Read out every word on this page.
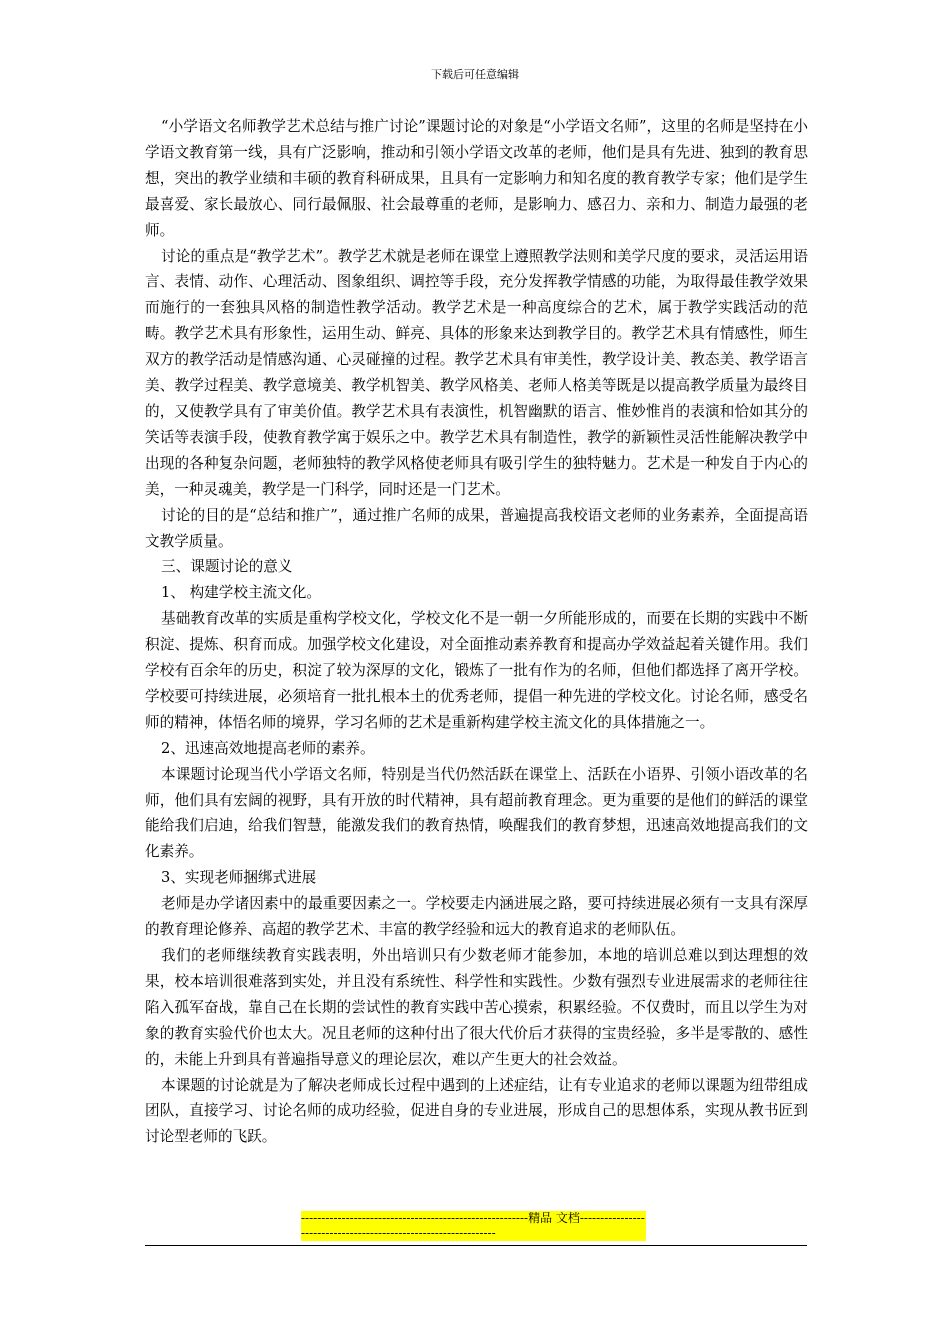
下载后可任意编辑

“小学语文名师教学艺术总结与推广讨论”课题讨论的对象是“小学语文名师”，这里的名师是坚持在小学语文教育第一线，具有广泛影响，推动和引领小学语文改革的老师，他们是具有先进、独到的教育思想，突出的教学业绩和丰硕的教育科研成果，且具有一定影响力和知名度的教育教学专家；他们是学生最喜爱、家长最放心、同行最佩服、社会最尊重的老师，是影响力、感召力、亲和力、制造力最强的老师。

讨论的重点是“教学艺术”。教学艺术就是老师在课堂上遵照教学法则和美学尺度的要求，灵活运用语言、表情、动作、心理活动、图象组织、调控等手段，充分发挥教学情感的功能，为取得最佳教学效果而施行的一套独具风格的制造性教学活动。教学艺术是一种高度综合的艺术，属于教学实践活动的范畴。教学艺术具有形象性，运用生动、鲜亮、具体的形象来达到教学目的。教学艺术具有情感性，师生双方的教学活动是情感沟通、心灵碰撞的过程。教学艺术具有审美性，教学设计美、教态美、教学语言美、教学过程美、教学意境美、教学机智美、教学风格美、老师人格美等既是以提高教学质量为最终目的，又使教学具有了审美价值。教学艺术具有表演性，机智幽默的语言、惟妙惟肖的表演和恰如其分的笑话等表演手段，使教育教学寓于娱乐之中。教学艺术具有制造性，教学的新颖性灵活性能解决教学中出现的各种复杂问题，老师独特的教学风格使老师具有吸引学生的独特魅力。艺术是一种发自于内心的美，一种灵魂美，教学是一门科学，同时还是一门艺术。

讨论的目的是“总结和推广”，通过推广名师的成果，普遍提高我校语文老师的业务素养，全面提高语文教学质量。

三、课题讨论的意义

1、 构建学校主流文化。

基础教育改革的实质是重构学校文化，学校文化不是一朝一夕所能形成的，而要在长期的实践中不断积淀、提炼、积育而成。加强学校文化建设，对全面推动素养教育和提高办学效益起着关键作用。我们学校有百余年的历史，积淀了较为深厚的文化，锻炼了一批有作为的名师，但他们都选择了离开学校。学校要可持续进展，必须培育一批扎根本土的优秀老师，提倡一种先进的学校文化。讨论名师，感受名师的精神，体悟名师的境界，学习名师的艺术是重新构建学校主流文化的具体措施之一。

2、迅速高效地提高老师的素养。

本课题讨论现当代小学语文名师，特别是当代仍然活跃在课堂上、活跃在小语界、引领小语改革的名师，他们具有宏阔的视野，具有开放的时代精神，具有超前教育理念。更为重要的是他们的鲜活的课堂能给我们启迪，给我们智慧，能激发我们的教育热情，唤醒我们的教育梦想，迅速高效地提高我们的文化素养。

3、实现老师捆绑式进展

老师是办学诸因素中的最重要因素之一。学校要走内涵进展之路，要可持续进展必须有一支具有深厚的教育理论修养、高超的教学艺术、丰富的教学经验和远大的教育追求的老师队伍。

我们的老师继续教育实践表明，外出培训只有少数老师才能参加，本地的培训总难以到达理想的效果，校本培训很难落到实处，并且没有系统性、科学性和实践性。少数有强烈专业进展需求的老师往往陷入孤军奋战，靠自己在长期的尝试性的教育实践中苦心摸索，积累经验。不仅费时，而且以学生为对象的教育实验代价也太大。况且老师的这种付出了很大代价后才获得的宝贵经验，多半是零散的、感性的，未能上升到具有普遍指导意义的理论层次，难以产生更大的社会效益。

本课题的讨论就是为了解决老师成长过程中遇到的上述症结，让有专业追求的老师以课题为纽带组成团队，直接学习、讨论名师的成功经验，促进自身的专业进展，形成自己的思想体系，实现从教书匠到讨论型老师的飞跃。

--------------------------------------------------------精品 文档----------------------------------------------------------------
